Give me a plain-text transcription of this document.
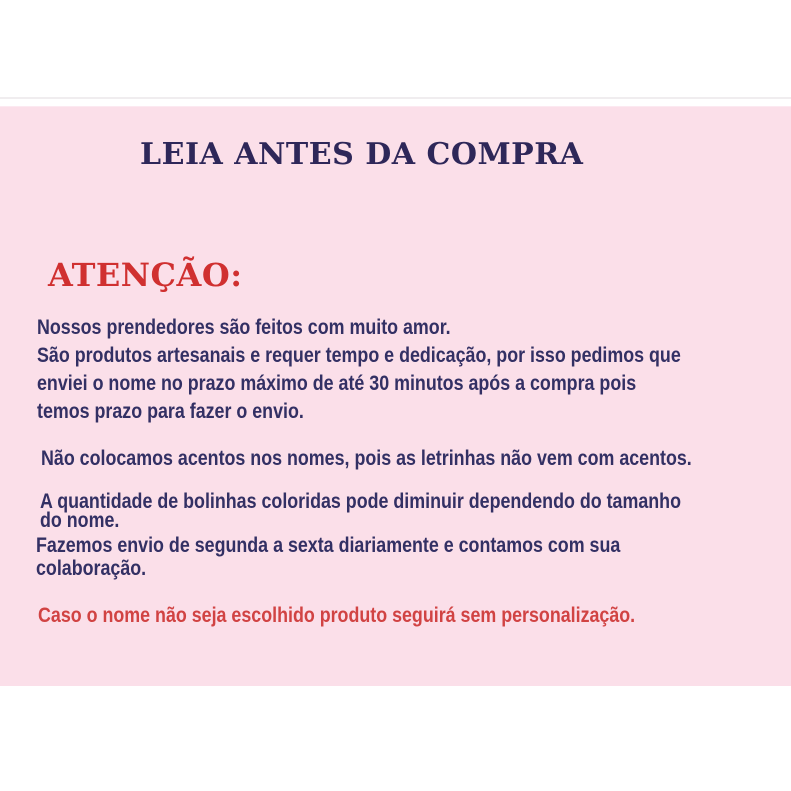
LEIA ANTES DA COMPRA
ATENÇÃO:
Nossos prendedores são feitos com muito amor.
São produtos artesanais e requer tempo e dedicação, por isso pedimos que
enviei o nome no prazo máximo de até 30 minutos após a compra pois
temos prazo para fazer o envio.
Não colocamos acentos nos nomes, pois as letrinhas não vem com acentos.
A quantidade de bolinhas coloridas pode diminuir dependendo do tamanho
do nome.
Fazemos envio de segunda a sexta diariamente e contamos com sua
colaboração.
Caso o nome não seja escolhido produto seguirá sem personalização.
